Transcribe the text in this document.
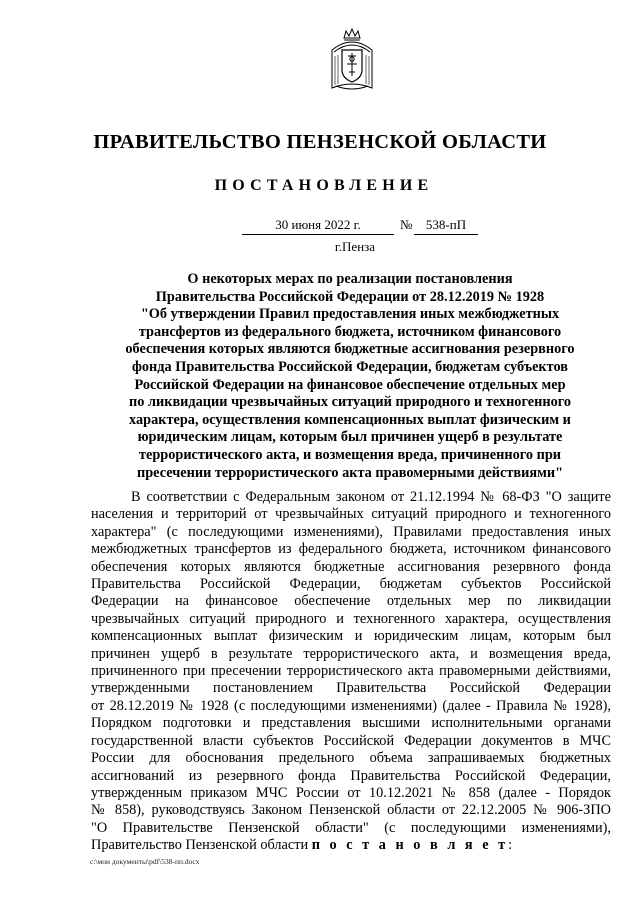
ПРАВИТЕЛЬСТВО ПЕНЗЕНСКОЙ ОБЛАСТИ
ПОСТАНОВЛЕНИЕ
30 июня 2022 г.	№	538-пП
г.Пенза
О некоторых мерах по реализации постановления
Правительства Российской Федерации от 28.12.2019 № 1928
"Об утверждении Правил предоставления иных межбюджетных
трансфертов из федерального бюджета, источником финансового
обеспечения которых являются бюджетные ассигнования резервного
фонда Правительства Российской Федерации, бюджетам субъектов
Российской Федерации на финансовое обеспечение отдельных мер
по ликвидации чрезвычайных ситуаций природного и техногенного
характера, осуществления компенсационных выплат физическим и
юридическим лицам, которым был причинен ущерб в результате
террористического акта, и возмещения вреда, причиненного при
пресечении террористического акта правомерными действиями"
В соответствии с Федеральным законом от 21.12.1994 № 68-ФЗ "О защите
населения и территорий от чрезвычайных ситуаций природного и техногенного
характера" (с последующими изменениями), Правилами предоставления иных
межбюджетных трансфертов из федерального бюджета, источником финансового
обеспечения которых являются бюджетные ассигнования резервного фонда
Правительства Российской Федерации, бюджетам субъектов Российской
Федерации на финансовое обеспечение отдельных мер по ликвидации
чрезвычайных ситуаций природного и техногенного характера, осуществления
компенсационных выплат физическим и юридическим лицам, которым был
причинен ущерб в результате террористического акта, и возмещения вреда,
причиненного при пресечении террористического акта правомерными действиями,
утвержденными постановлением Правительства Российской Федерации
от 28.12.2019 № 1928 (с последующими изменениями) (далее - Правила № 1928),
Порядком подготовки и представления высшими исполнительными органами
государственной власти субъектов Российской Федерации документов в МЧС
России для обоснования предельного объема запрашиваемых бюджетных
ассигнований из резервного фонда Правительства Российской Федерации,
утвержденным приказом МЧС России от 10.12.2021 № 858 (далее - Порядок
№ 858), руководствуясь Законом Пензенской области от 22.12.2005 № 906-ЗПО
"О Правительстве Пензенской области" (с последующими изменениями),
Правительство Пензенской области п о с т а н о в л я е т:
c:\мои документы\pdf\538-пп.docx
